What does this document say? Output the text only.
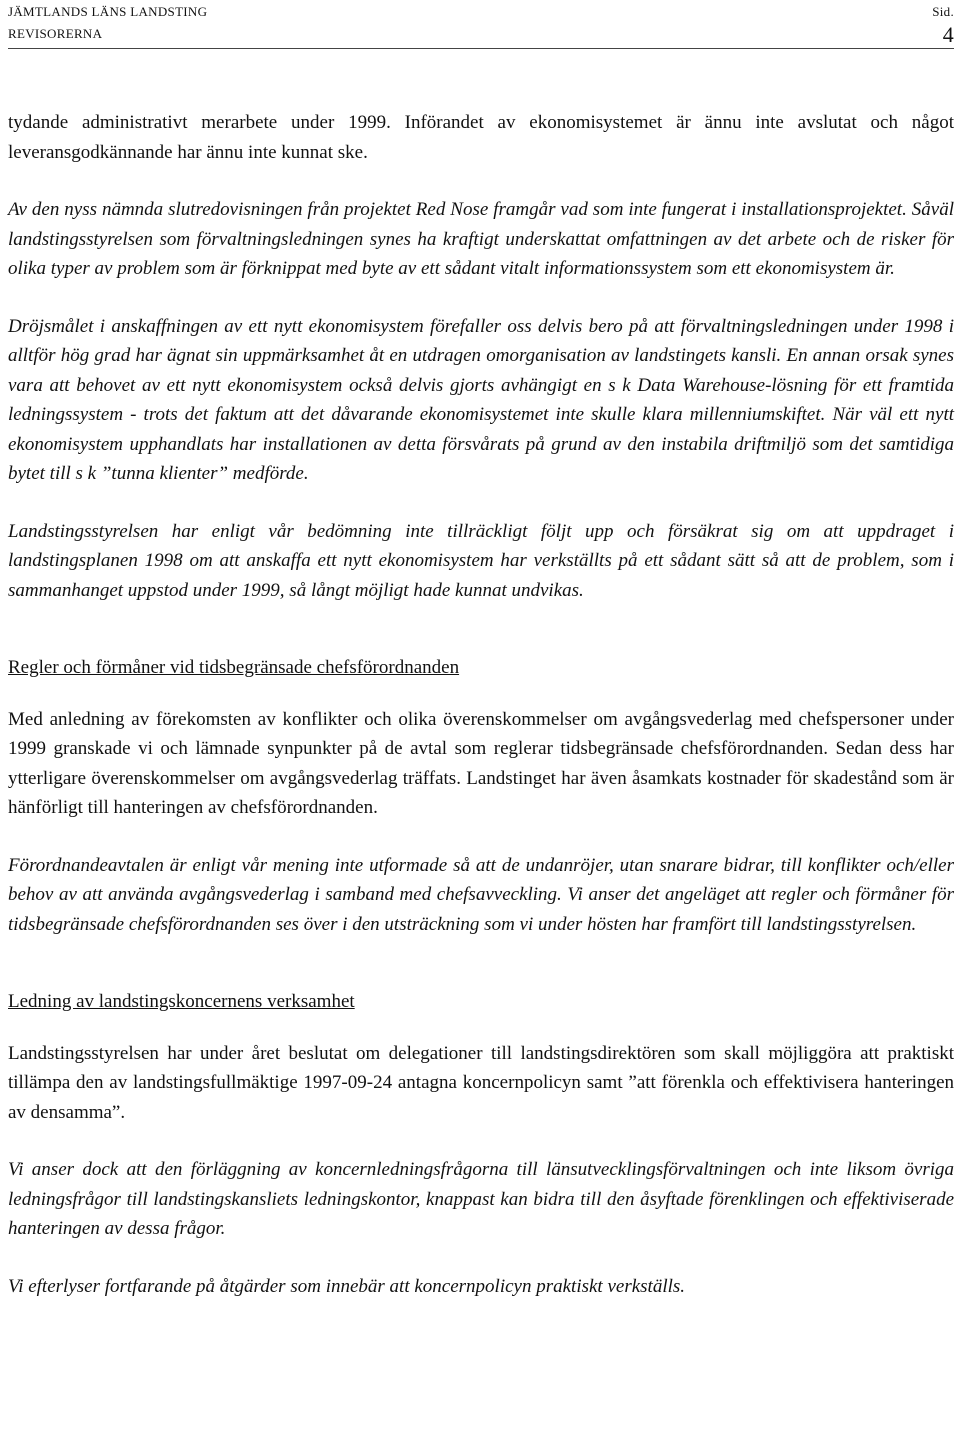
JÄMTLANDS LÄNS LANDSTING
REVISORERNA
Sid.
4

tydande administrativt merarbete under 1999. Införandet av ekonomisystemet är ännu inte avslutat och något leveransgodkännande har ännu inte kunnat ske.

Av den nyss nämnda slutredovisningen från projektet Red Nose framgår vad som inte fungerat i installationsprojektet. Såväl landstingsstyrelsen som förvaltningsledningen synes ha kraftigt underskattat omfattningen av det arbete och de risker för olika typer av problem som är förknippat med byte av ett sådant vitalt informationssystem som ett ekonomisystem är.

Dröjsmålet i anskaffningen av ett nytt ekonomisystem förefaller oss delvis bero på att förvaltningsledningen under 1998 i alltför hög grad har ägnat sin uppmärksamhet åt en utdragen omorganisation av landstingets kansli. En annan orsak synes vara att behovet av ett nytt ekonomisystem också delvis gjorts avhängigt en s k Data Warehouse-lösning för ett framtida ledningssystem - trots det faktum att det dåvarande ekonomisystemet inte skulle klara millenniumskiftet. När väl ett nytt ekonomisystem upphandlats har installationen av detta försvårats på grund av den instabila driftmiljö som det samtidiga bytet till s k ”tunna klienter” medförde.

Landstingsstyrelsen har enligt vår bedömning inte tillräckligt följt upp och försäkrat sig om att uppdraget i landstingsplanen 1998 om att anskaffa ett nytt ekonomisystem har verkställts på ett sådant sätt så att de problem, som i sammanhanget uppstod under 1999, så långt möjligt hade kunnat undvikas.

Regler och förmåner vid tidsbegränsade chefsförordnanden

Med anledning av förekomsten av konflikter och olika överenskommelser om avgångsvederlag med chefspersoner under 1999 granskade vi och lämnade synpunkter på de avtal som reglerar tidsbegränsade chefsförordnanden. Sedan dess har ytterligare överenskommelser om avgångsvederlag träffats. Landstinget har även åsamkats kostnader för skadestånd som är hänförligt till hanteringen av chefsförordnanden.

Förordnandeavtalen är enligt vår mening inte utformade så att de undanröjer, utan snarare bidrar, till konflikter och/eller behov av att använda avgångsvederlag i samband med chefsavveckling. Vi anser det angeläget att regler och förmåner för tidsbegränsade chefsförordnanden ses över i den utsträckning som vi under hösten har framfört till landstingsstyrelsen.

Ledning av landstingskoncernens verksamhet

Landstingsstyrelsen har under året beslutat om delegationer till landstingsdirektören som skall möjliggöra att praktiskt tillämpa den av landstingsfullmäktige 1997-09-24 antagna koncernpolicyn samt ”att förenkla och effektivisera hanteringen av densamma”.

Vi anser dock att den förläggning av koncernledningsfrågorna till länsutvecklingsförvaltningen och inte liksom övriga ledningsfrågor till landstingskansliets ledningskontor, knappast kan bidra till den åsyftade förenklingen och effektiviserade hanteringen av dessa frågor.

Vi efterlyser fortfarande på åtgärder som innebär att koncernpolicyn praktiskt verkställs.
